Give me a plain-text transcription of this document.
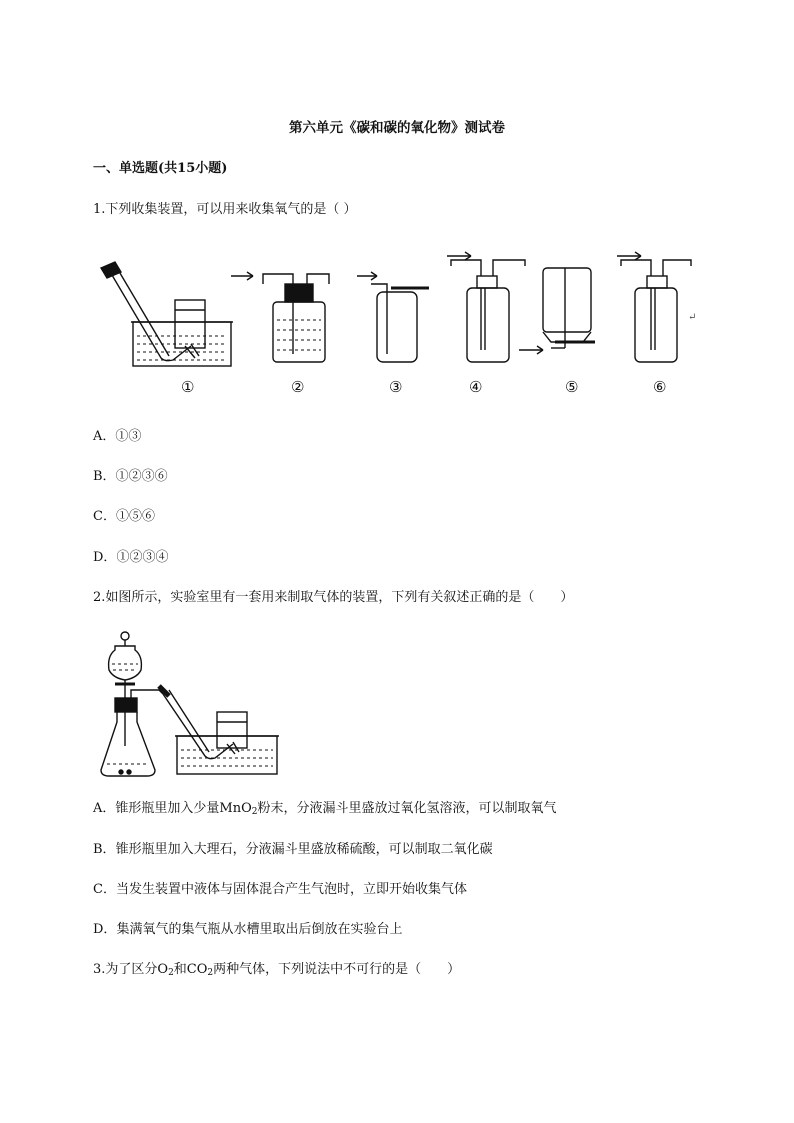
第六单元《碳和碳的氧化物》测试卷
一、单选题(共15小题)
1.下列收集装置，可以用来收集氧气的是（ ）
①	②	③	④	⑤	⑥
↵
A．①③
B．①②③⑥
C．①⑤⑥
D．①②③④
2.如图所示，实验室里有一套用来制取气体的装置，下列有关叙述正确的是（　　）
A．锥形瓶里加入少量MnO$_2$粉末，分液漏斗里盛放过氧化氢溶液，可以制取氧气
B．锥形瓶里加入大理石，分液漏斗里盛放稀硫酸，可以制取二氧化碳
C．当发生装置中液体与固体混合产生气泡时，立即开始收集气体
D．集满氧气的集气瓶从水槽里取出后倒放在实验台上
3.为了区分$O_2$和$CO_2$两种气体，下列说法中不可行的是（　　）
